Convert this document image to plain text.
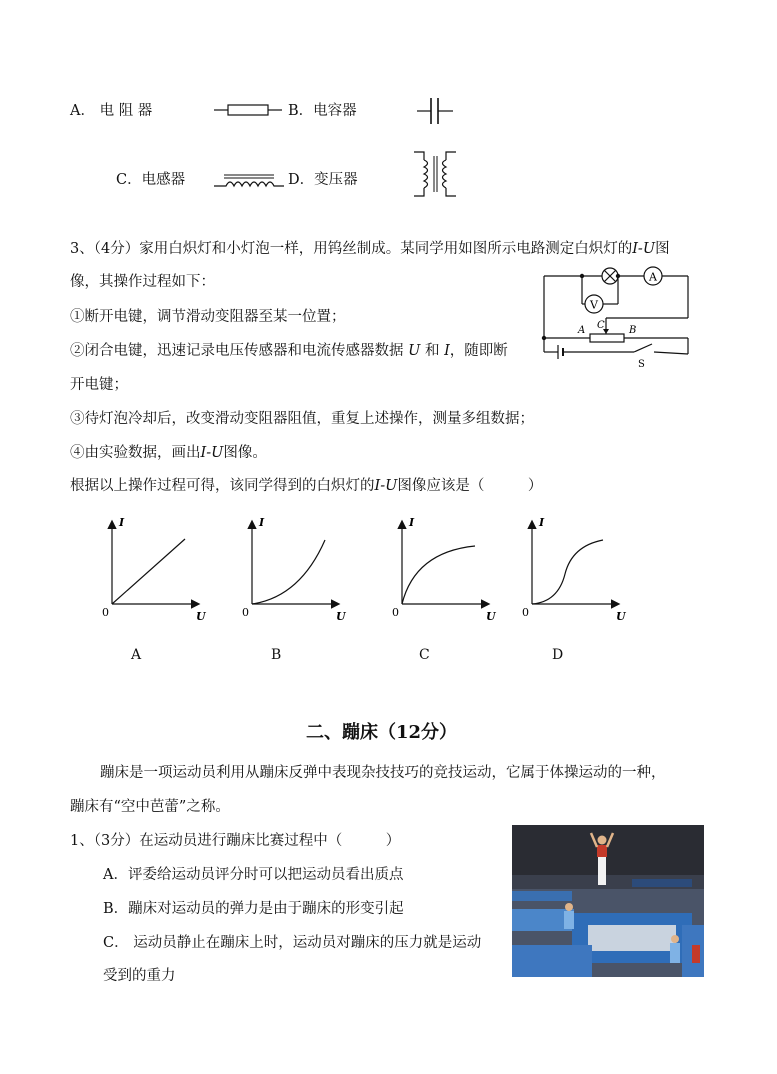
A． 电 阻 器	B．电容器
C．电感器	D．变压器
3、（4分）家用白炽灯和小灯泡一样，用钨丝制成。某同学用如图所示电路测定白炽灯的I-U图
像，其操作过程如下：
①断开电键，调节滑动变阻器至某一位置；
②闭合电键，迅速记录电压传感器和电流传感器数据 U 和 I，随即断
开电键；
③待灯泡冷却后，改变滑动变阻器阻值，重复上述操作，测量多组数据；
④由实验数据，画出I-U图像。
根据以上操作过程可得，该同学得到的白炽灯的I-U图像应该是（　　　）
A
V
A	B
C
S
I
U
0
I
U
0
I
U
0
I
U
0
A	B	C	D
二、蹦床（12分）
蹦床是一项运动员利用从蹦床反弹中表现杂技技巧的竞技运动，它属于体操运动的一种，
蹦床有“空中芭蕾”之称。
1、（3分）在运动员进行蹦床比赛过程中（　　　）
A．评委给运动员评分时可以把运动员看出质点
B．蹦床对运动员的弹力是由于蹦床的形变引起
C． 运动员静止在蹦床上时，运动员对蹦床的压力就是运动
受到的重力
